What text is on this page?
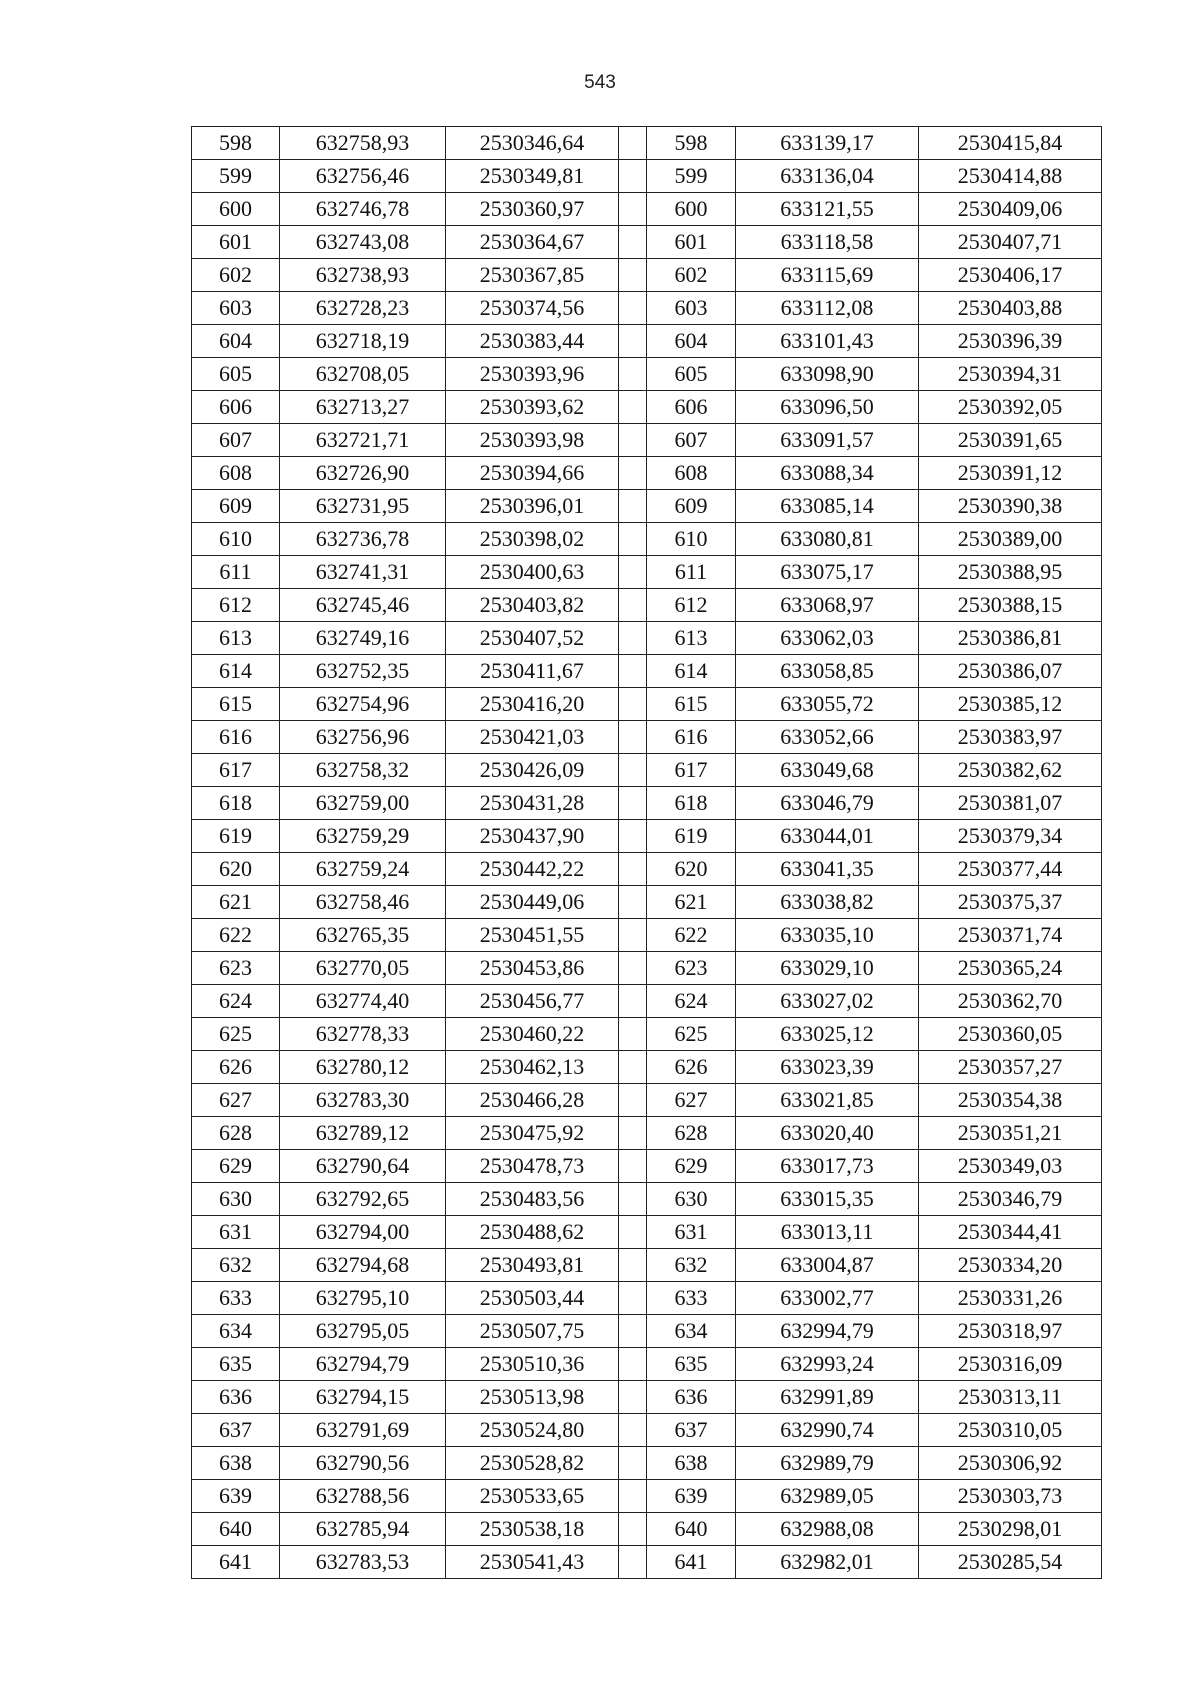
543
598	632758,93	2530346,64		598	633139,17	2530415,84
599	632756,46	2530349,81		599	633136,04	2530414,88
600	632746,78	2530360,97		600	633121,55	2530409,06
601	632743,08	2530364,67		601	633118,58	2530407,71
602	632738,93	2530367,85		602	633115,69	2530406,17
603	632728,23	2530374,56		603	633112,08	2530403,88
604	632718,19	2530383,44		604	633101,43	2530396,39
605	632708,05	2530393,96		605	633098,90	2530394,31
606	632713,27	2530393,62		606	633096,50	2530392,05
607	632721,71	2530393,98		607	633091,57	2530391,65
608	632726,90	2530394,66		608	633088,34	2530391,12
609	632731,95	2530396,01		609	633085,14	2530390,38
610	632736,78	2530398,02		610	633080,81	2530389,00
611	632741,31	2530400,63		611	633075,17	2530388,95
612	632745,46	2530403,82		612	633068,97	2530388,15
613	632749,16	2530407,52		613	633062,03	2530386,81
614	632752,35	2530411,67		614	633058,85	2530386,07
615	632754,96	2530416,20		615	633055,72	2530385,12
616	632756,96	2530421,03		616	633052,66	2530383,97
617	632758,32	2530426,09		617	633049,68	2530382,62
618	632759,00	2530431,28		618	633046,79	2530381,07
619	632759,29	2530437,90		619	633044,01	2530379,34
620	632759,24	2530442,22		620	633041,35	2530377,44
621	632758,46	2530449,06		621	633038,82	2530375,37
622	632765,35	2530451,55		622	633035,10	2530371,74
623	632770,05	2530453,86		623	633029,10	2530365,24
624	632774,40	2530456,77		624	633027,02	2530362,70
625	632778,33	2530460,22		625	633025,12	2530360,05
626	632780,12	2530462,13		626	633023,39	2530357,27
627	632783,30	2530466,28		627	633021,85	2530354,38
628	632789,12	2530475,92		628	633020,40	2530351,21
629	632790,64	2530478,73		629	633017,73	2530349,03
630	632792,65	2530483,56		630	633015,35	2530346,79
631	632794,00	2530488,62		631	633013,11	2530344,41
632	632794,68	2530493,81		632	633004,87	2530334,20
633	632795,10	2530503,44		633	633002,77	2530331,26
634	632795,05	2530507,75		634	632994,79	2530318,97
635	632794,79	2530510,36		635	632993,24	2530316,09
636	632794,15	2530513,98		636	632991,89	2530313,11
637	632791,69	2530524,80		637	632990,74	2530310,05
638	632790,56	2530528,82		638	632989,79	2530306,92
639	632788,56	2530533,65		639	632989,05	2530303,73
640	632785,94	2530538,18		640	632988,08	2530298,01
641	632783,53	2530541,43		641	632982,01	2530285,54
